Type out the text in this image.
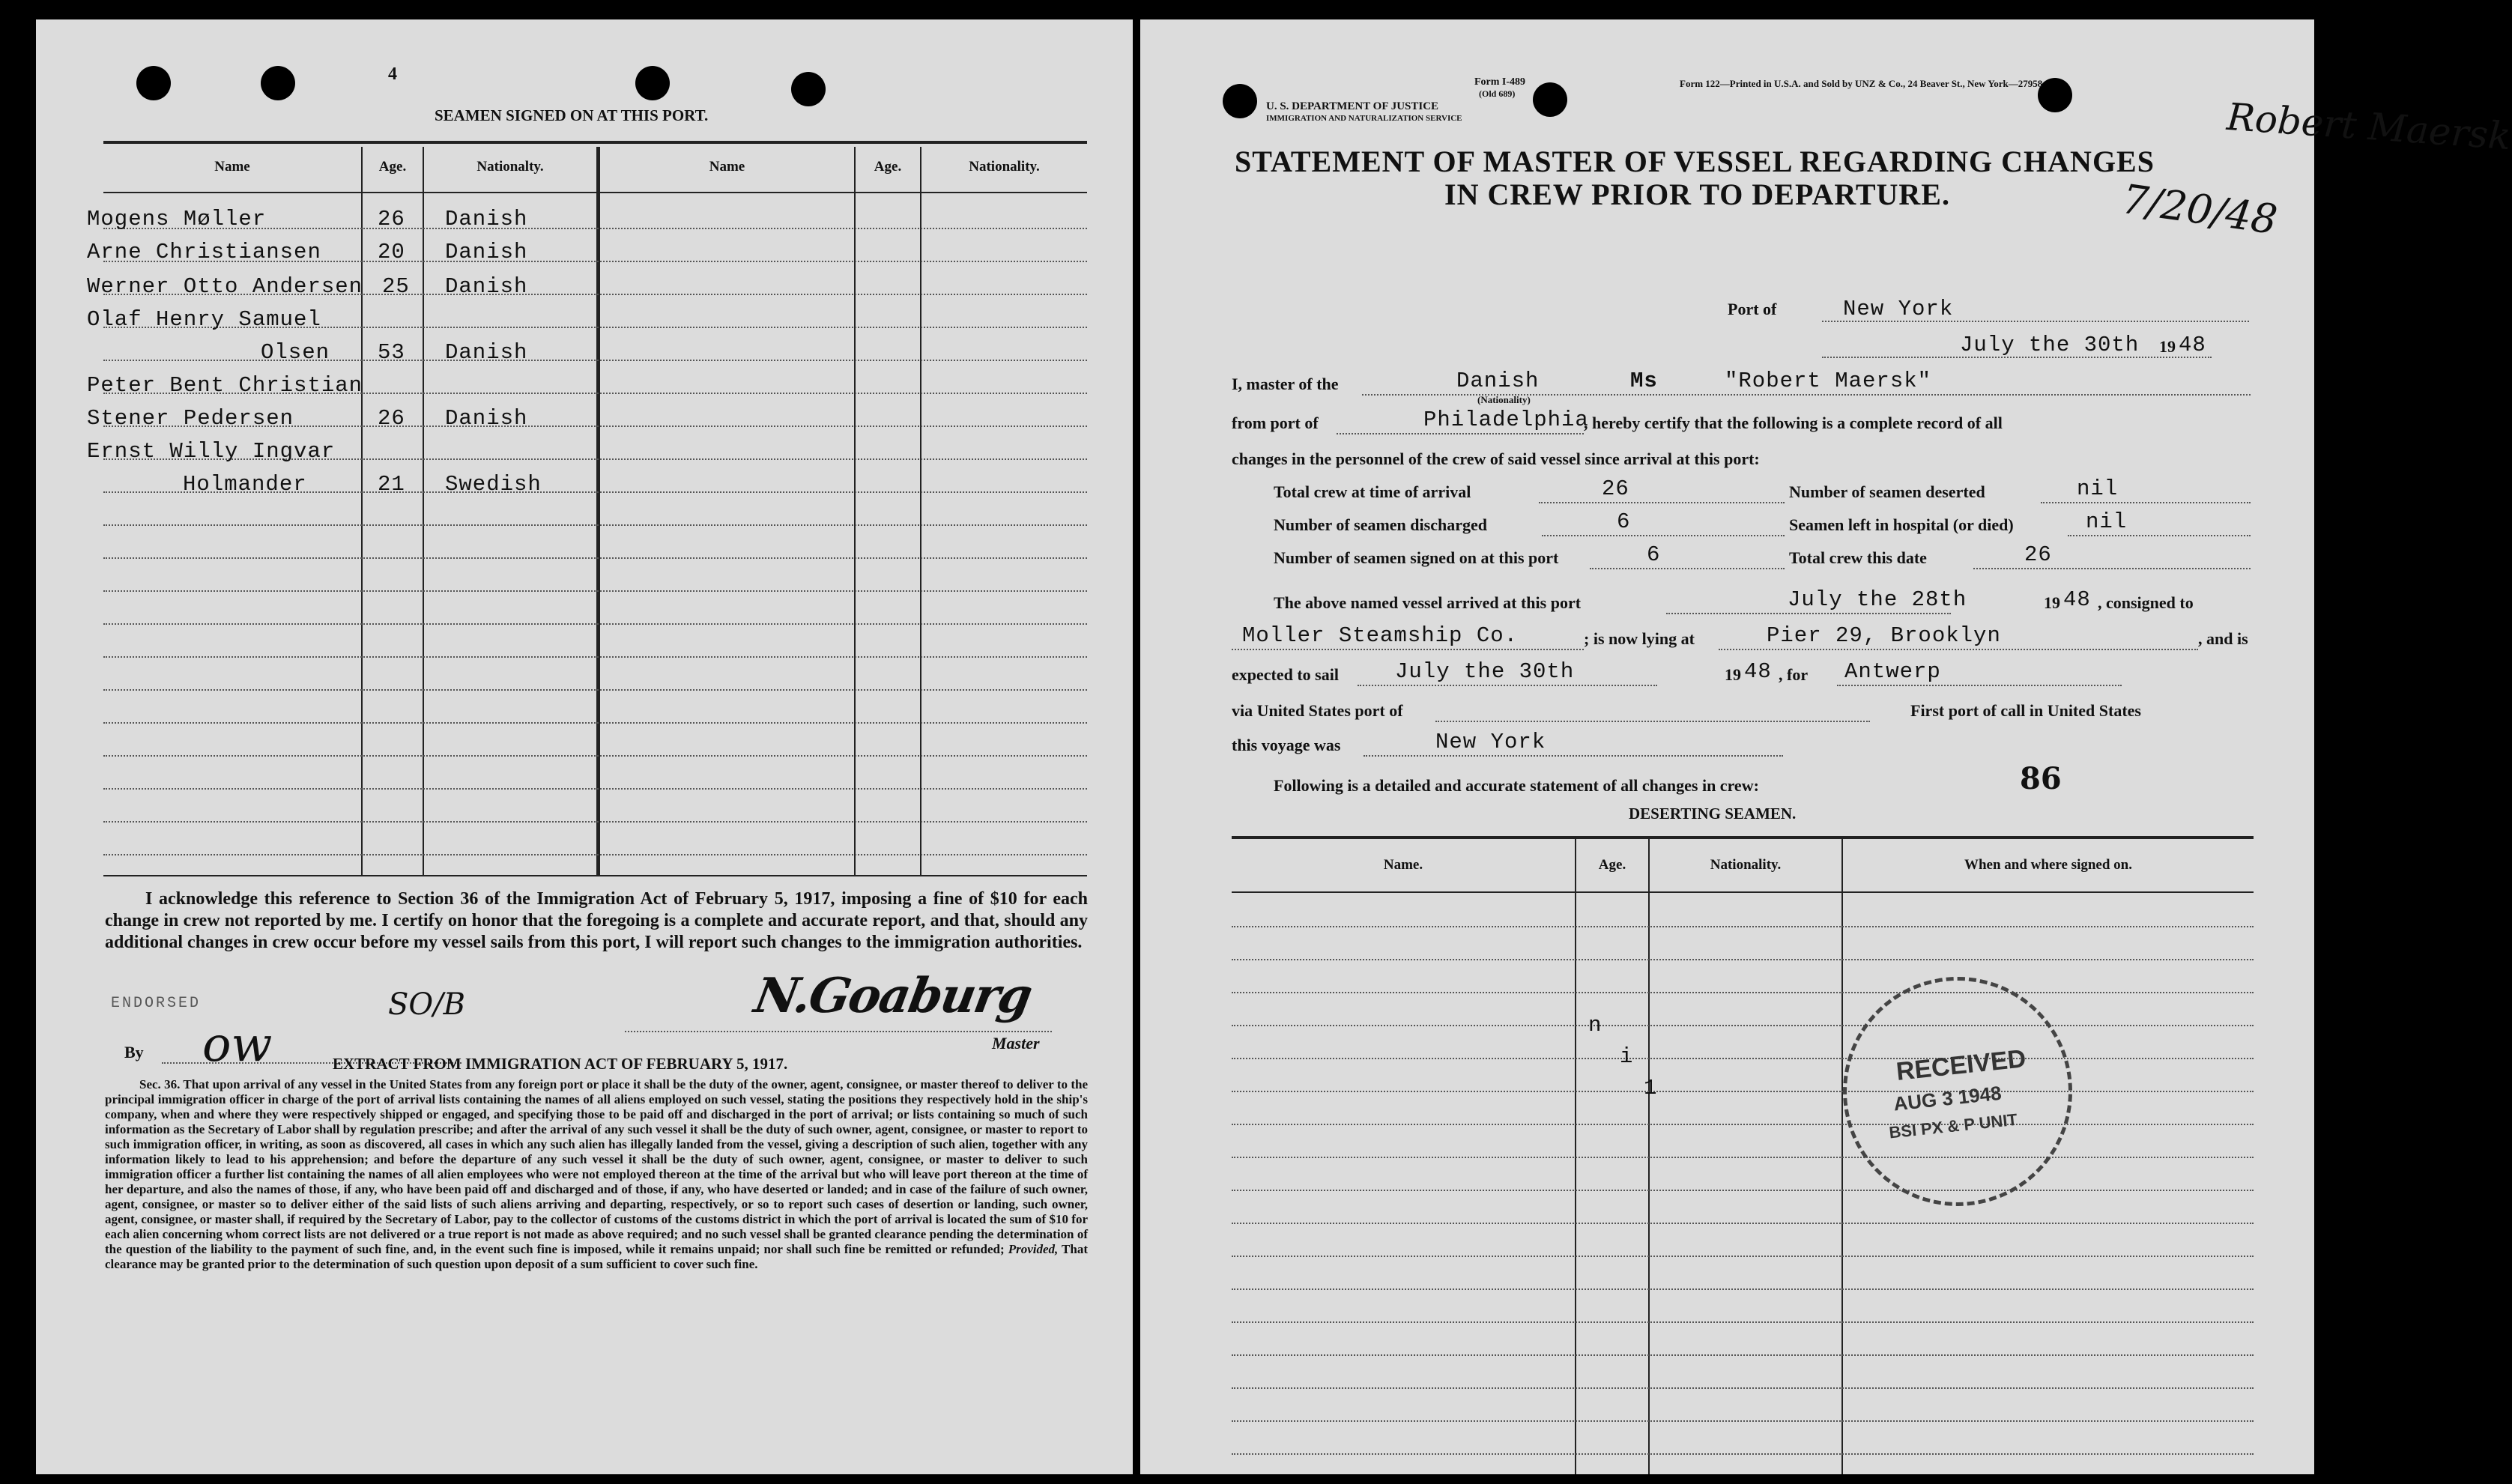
4
SEAMEN SIGNED ON AT THIS PORT.
Name	Age.	Nationalty.	Name	Age.	Nationality.
Mogens Møller	26 Danish
Arne Christiansen	20 Danish
Werner Otto Andersen 25 Danish
Olaf Henry Samuel
Olsen 53 Danish
Peter Bent Christian
Stener Pedersen	26 Danish
Ernst Willy Ingvar
Holmander	21 Swedish
I acknowledge this reference to Section 36 of the Immigration Act of February 5, 1917, imposing a fine of $10 for each change in crew not reported by me. I certify on honor that the foregoing is a complete and accurate report, and that, should any additional changes in crew occur before my vessel sails from this port, I will report such changes to the immigration authorities.
ENDORSED
By ow
SO/B	N.Goaburg
Master
EXTRACT FROM IMMIGRATION ACT OF FEBRUARY 5, 1917.
Sec. 36. That upon arrival of any vessel in the United States from any foreign port or place it shall be the duty of the owner, agent, consignee, or master thereof to deliver to the principal immigration officer in charge of the port of arrival lists containing the names of all aliens employed on such vessel, stating the positions they respectively hold in the ship's company, when and where they were respectively shipped or engaged, and specifying those to be paid off and discharged in the port of arrival; or lists containing so much of such information as the Secretary of Labor shall by regulation prescribe; and after the arrival of any such vessel it shall be the duty of such owner, agent, consignee, or master to report to such immigration officer, in writing, as soon as discovered, all cases in which any such alien has illegally landed from the vessel, giving a description of such alien, together with any information likely to lead to his apprehension; and before the departure of any such vessel it shall be the duty of such owner, agent, consignee, or master to deliver to such immigration officer a further list containing the names of all alien employees who were not employed thereon at the time of the arrival but who will leave port thereon at the time of her departure, and also the names of those, if any, who have been paid off and discharged and of those, if any, who have deserted or landed; and in case of the failure of such owner, agent, consignee, or master so to deliver either of the said lists of such aliens arriving and departing, respectively, or so to report such cases of desertion or landing, such owner, agent, consignee, or master shall, if required by the Secretary of Labor, pay to the collector of customs of the customs district in which the port of arrival is located the sum of $10 for each alien concerning whom correct lists are not delivered or a true report is not made as above required; and no such vessel shall be granted clearance pending the determination of the question of the liability to the payment of such fine, and, in the event such fine is imposed, while it remains unpaid; nor shall such fine be remitted or refunded; Provided, That clearance may be granted prior to the determination of such question upon deposit of a sum sufficient to cover such fine.
Form I-489
(Old 689)
U. S. DEPARTMENT OF JUSTICE
IMMIGRATION AND NATURALIZATION SERVICE
Form 122—Printed in U.S.A. and Sold by UNZ & Co., 24 Beaver St., New York—27958
STATEMENT OF MASTER OF VESSEL REGARDING CHANGES
IN CREW PRIOR TO DEPARTURE.
Robert Maersk
7/20/48
Port of	New York
July the 30th 19 48
I, master of the	Danish
(Nationality)
Ms	"Robert Maersk"
from port of	Philadelphia
, hereby certify that the following is a complete record of all
changes in the personnel of the crew of said vessel since arrival at this port:
Total crew at time of arrival	26	Number of seamen deserted	nil
Number of seamen discharged	6	Seamen left in hospital (or died)	nil
Number of seamen signed on at this port	6	Total crew this date	26
The above named vessel arrived at this port	July the 28th	19 48 , consigned to
Moller Steamship Co.	; is now lying at	Pier 29, Brooklyn	, and is
expected to sail	July the 30th	19 48 , for Antwerp
via United States port of	First port of call in United States
this voyage was	New York
Following is a detailed and accurate statement of all changes in crew:	86
DESERTING SEAMEN.
Name.	Age.	Nationality.	When and where signed on.
n
i
1
RECEIVED
AUG 3 1948
BSI PX & P UNIT
